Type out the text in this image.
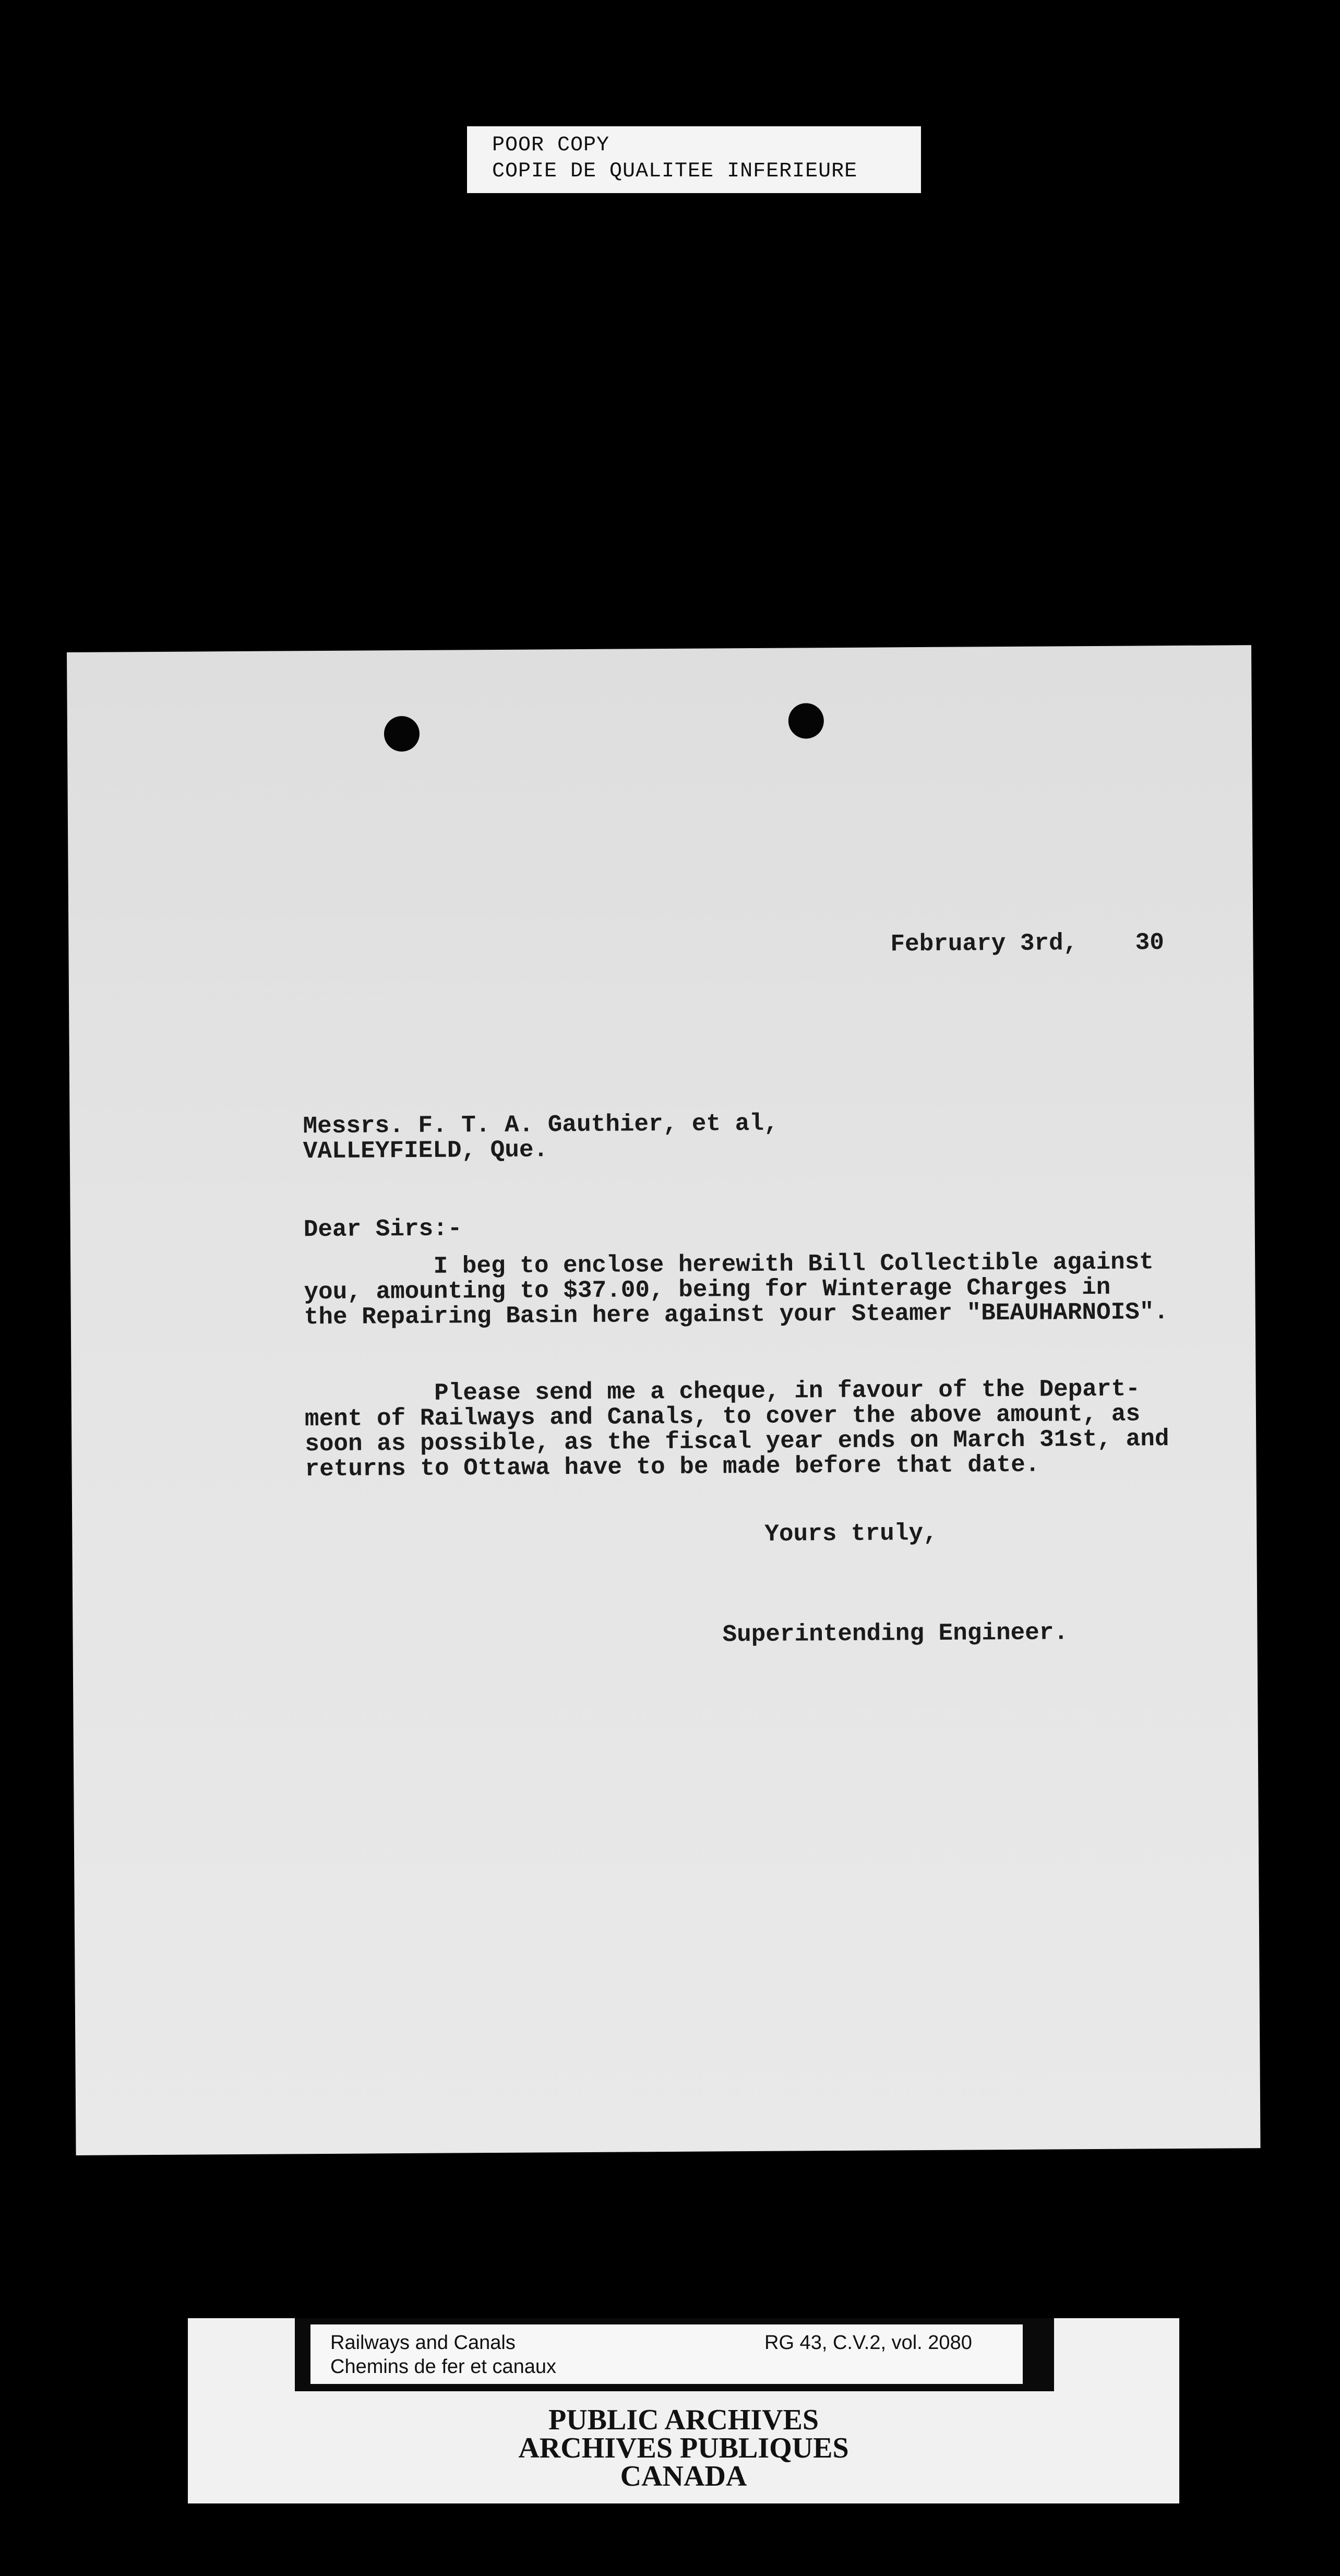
POOR COPY
COPIE DE QUALITEE INFERIEURE
February 3rd,    30
Messrs. F. T. A. Gauthier, et al,
VALLEYFIELD, Que.
Dear Sirs:-
I beg to enclose herewith Bill Collectible against
you, amounting to $37.00, being for Winterage Charges in
the Repairing Basin here against your Steamer "BEAUHARNOIS".
Please send me a cheque, in favour of the Depart-
ment of Railways and Canals, to cover the above amount, as
soon as possible, as the fiscal year ends on March 31st, and
returns to Ottawa have to be made before that date.
Yours truly,
Superintending Engineer.
Railways and Canals
Chemins de fer et canaux
RG 43, C.V.2, vol. 2080
PUBLIC ARCHIVES
ARCHIVES PUBLIQUES
CANADA
